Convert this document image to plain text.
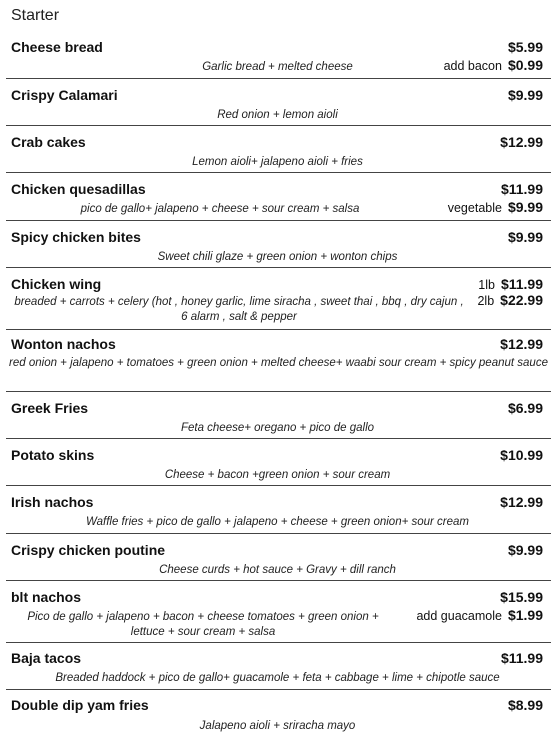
Starter
Cheese bread	$5.99
Garlic bread + melted cheese	add bacon $0.99
Crispy Calamari	$9.99
Red onion + lemon aioli
Crab cakes	$12.99
Lemon aioli+ jalapeno aioli + fries
Chicken quesadillas	$11.99
pico de gallo+ jalapeno + cheese + sour cream + salsa	vegetable $9.99
Spicy chicken bites	$9.99
Sweet chili glaze + green onion + wonton chips
Chicken wing	1lb $11.99
breaded + carrots + celery (hot , honey garlic, lime siracha , sweet thai , bbq , dry cajun , 6 alarm , salt & pepper
2lb $22.99
Wonton nachos	$12.99
red onion + jalapeno + tomatoes + green onion + melted cheese+ waabi sour cream + spicy peanut sauce
Greek Fries	$6.99
Feta cheese+ oregano + pico de gallo
Potato skins	$10.99
Cheese + bacon +green onion + sour cream
Irish nachos	$12.99
Waffle fries + pico de gallo + jalapeno + cheese + green onion+ sour cream
Crispy chicken poutine	$9.99
Cheese curds + hot sauce + Gravy + dill ranch
blt nachos	$15.99
Pico de gallo + jalapeno + bacon + cheese tomatoes + green onion + lettuce + sour cream + salsa
add guacamole $1.99
Baja tacos	$11.99
Breaded haddock + pico de gallo+ guacamole + feta + cabbage + lime + chipotle sauce
Double dip yam fries	$8.99
Jalapeno aioli + sriracha mayo
